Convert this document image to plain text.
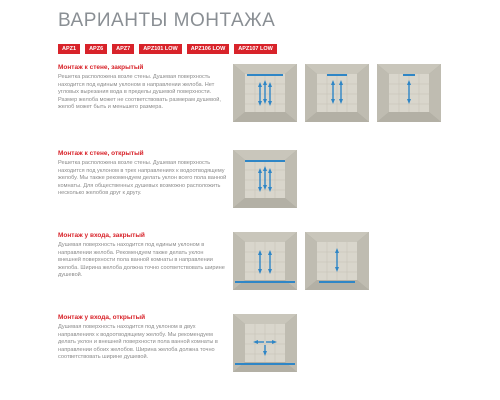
ВАРИАНТЫ МОНТАЖА
APZ1	APZ6	APZ7	APZ101 LOW	APZ106 LOW	APZ107 LOW
Монтаж к стене, закрытый
Решетка расположена возле стены. Душевая поверхность находится под единым уклоном в направлении желоба. Нет угловых вырезания вода в пределы душевой поверхности. Размер желоба может не соответствовать размерам душевой, желоб может быть и меньшего размера.
Монтаж к стене, открытый
Решетка расположена возле стены. Душевая поверхность находится под уклоном в трех направлениях к водоотводящему желобу. Мы также рекомендуем делать уклон всего пола ванной комнаты. Для общественных душевых возможно расположить несколько желобов друг к другу.
Монтаж у входа, закрытый
Душевая поверхность находится под единым уклоном в направлении желоба. Рекомендуем также делать уклон внешней поверхности пола ванной комнаты в направлении желоба. Ширина желоба должна точно соответствовать ширине душевой.
Монтаж у входа, открытый
Душевая поверхность находится под уклоном в двух направлениях к водоотводящему желобу. Мы рекомендуем делать уклон и внешней поверхности пола ванной комнаты в направлении обоих желобов. Ширина желоба должна точно соответствовать ширине душевой.
